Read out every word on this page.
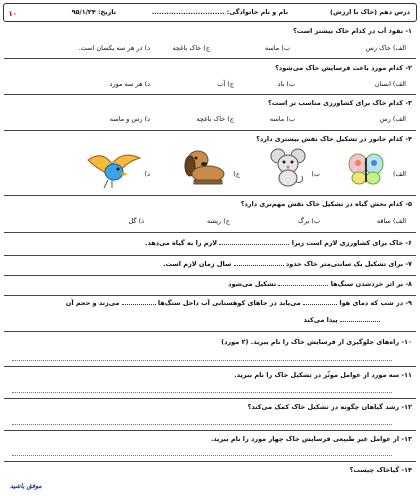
درس دهم (خاک با ارزش)
نام و نام خانوادگی: ..............................
تاریخ: ۹۵/۱/۲۴
۱۰
۱- نفوذ آب در کدام خاک بیشتر است؟
الف) خاک رس
ب) ماسه
ج) خاک باغچه
د) در هر سه یکسان است.
۲- کدام مورد باعث فرسایش خاک می‌شود؟
الف) انسان
ب) باد
ج) آب
د) هر سه مورد
۳- کدام خاک برای کشاورزی مناسب تر است؟
الف) رس
ب) ماسه
ج) خاک باغچه
د) رس و ماسه
۴- کدام جانور در تشکیل خاک نقش بیشتری دارد؟
الف)
ب)
ج)
د)
۵- کدام بخش گیاه در تشکیل خاک نقش مهم‌تری دارد؟
الف) ساقه
ب) برگ
ج) ریشه
د) گل
۶- خاک برای کشاورزی لازم است زیرا  لازم را به گیاه می‌دهد.
۷- برای تشکیل یک سانتی‌متر خاک حدود  سال زمان لازم است.
۸- بر اثر خردشدن سنگ‌ها  تشکیل می‌شود
۹- در شب که دمای هوا  می‌یابد در جاهای کوهستانی آب داخل سنگ‌ها  می‌زند و حجم آن
پیدا می‌کند
۱۰- راه‌های جلوگیری از فرسایش خاک را نام ببرید. (۲ مورد)
۱۱- سه مورد از عوامل موثّر در تشکیل خاک را نام ببرید.
۱۲- رشد گیاهان چگونه در تشکیل خاک کمک می‌کند؟
۱۳- از عوامل غیر طبیعی فرسایش خاک چهار مورد را نام ببرید.
۱۴- گیاخاک چیست؟
موفق باشید
